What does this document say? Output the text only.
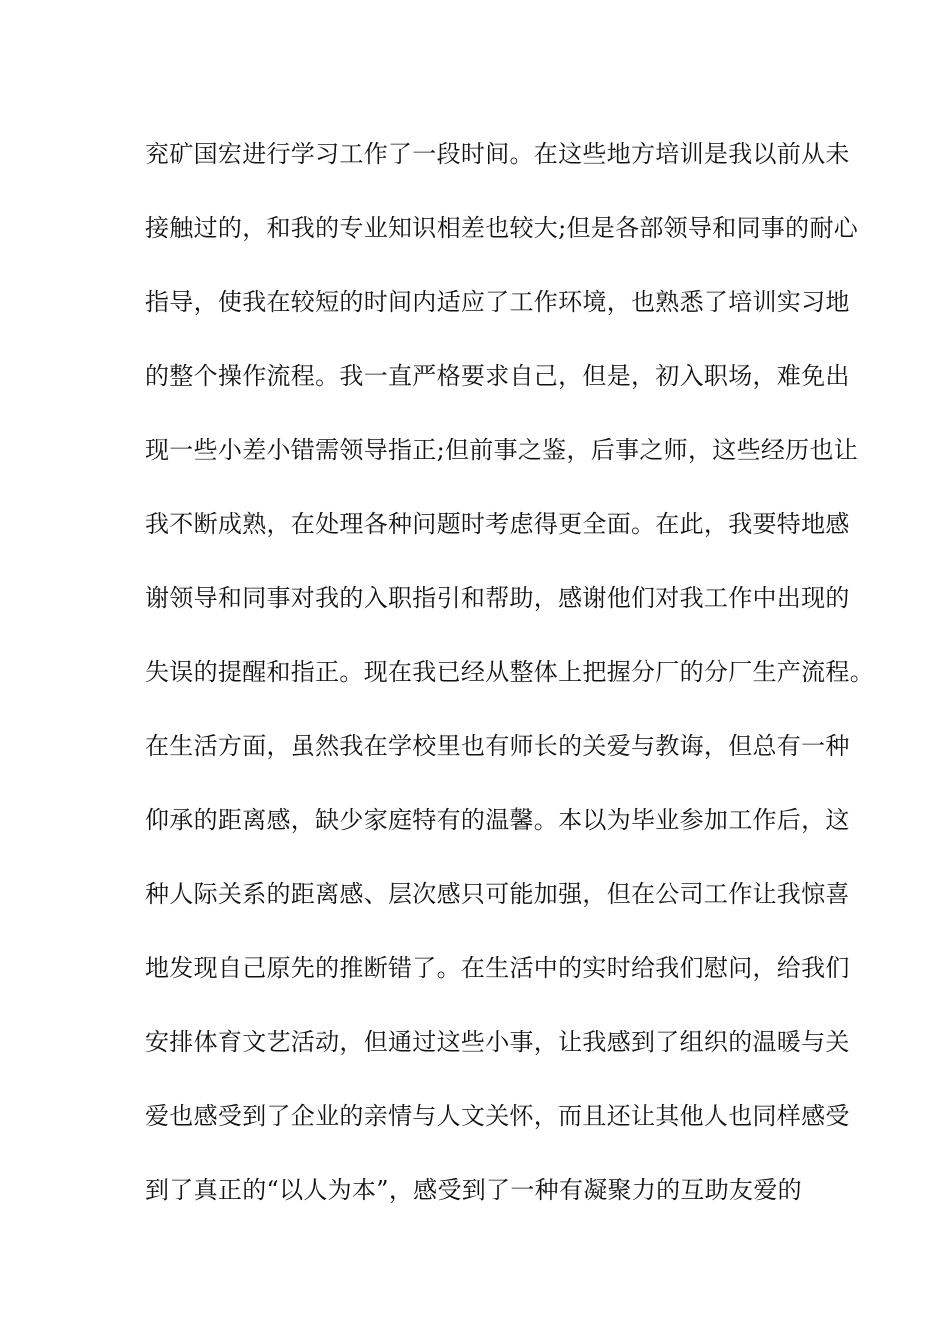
兖矿国宏进行学习工作了一段时间。在这些地方培训是我以前从未
接触过的，和我的专业知识相差也较大;但是各部领导和同事的耐心
指导，使我在较短的时间内适应了工作环境，也熟悉了培训实习地
的整个操作流程。我一直严格要求自己，但是，初入职场，难免出
现一些小差小错需领导指正;但前事之鉴，后事之师，这些经历也让
我不断成熟，在处理各种问题时考虑得更全面。在此，我要特地感
谢领导和同事对我的入职指引和帮助，感谢他们对我工作中出现的
失误的提醒和指正。现在我已经从整体上把握分厂的分厂生产流程。
在生活方面，虽然我在学校里也有师长的关爱与教诲，但总有一种
仰承的距离感，缺少家庭特有的温馨。本以为毕业参加工作后，这
种人际关系的距离感、层次感只可能加强，但在公司工作让我惊喜
地发现自己原先的推断错了。在生活中的实时给我们慰问，给我们
安排体育文艺活动，但通过这些小事，让我感到了组织的温暖与关
爱也感受到了企业的亲情与人文关怀，而且还让其他人也同样感受
到了真正的“以人为本”，感受到了一种有凝聚力的互助友爱的
